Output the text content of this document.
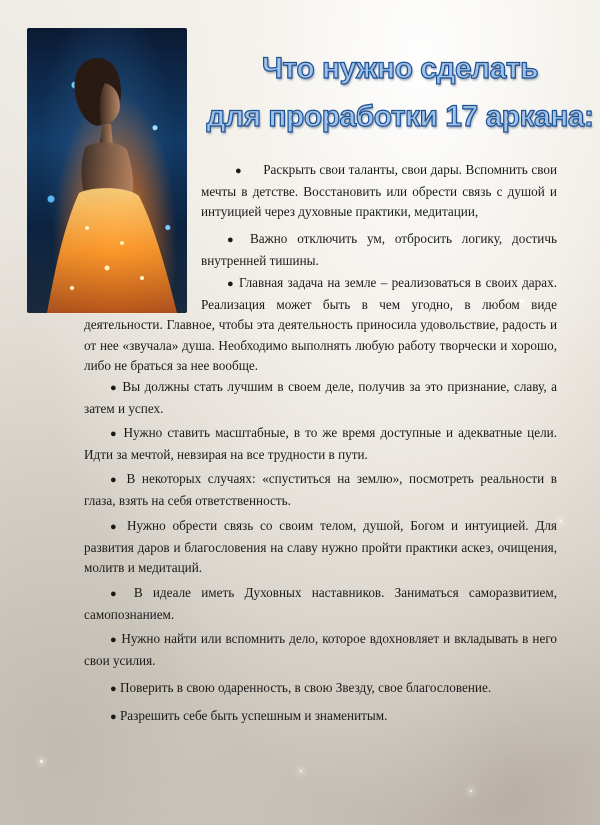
Что нужно сделать
для проработки 17 аркана:

● Раскрыть свои таланты, свои дары. Вспомнить свои мечты в детстве. Восстановить или обрести связь с душой и интуицией через духовные практики, медитации,

● Важно отключить ум, отбросить логику, достичь внутренней тишины.

● Главная задача на земле – реализоваться в своих дарах. Реализация может быть в чем угодно, в любом виде деятельности. Главное, чтобы эта деятельность приносила удовольствие, радость и от нее «звучала» душа. Необходимо выполнять любую работу творчески и хорошо, либо не браться за нее вообще.

● Вы должны стать лучшим в своем деле, получив за это признание, славу, а затем и успех.

● Нужно ставить масштабные, в то же время доступные и адекватные цели. Идти за мечтой, невзирая на все трудности в пути.

● В некоторых случаях: «спуститься на землю», посмотреть реальности в глаза, взять на себя ответственность.

● Нужно обрести связь со своим телом, душой, Богом и интуицией. Для развития даров и благословения на славу нужно пройти практики аскез, очищения, молитв и медитаций.

● В идеале иметь Духовных наставников. Заниматься саморазвитием, самопознанием.

● Нужно найти или вспомнить дело, которое вдохновляет и вкладывать в него свои усилия.

● Поверить в свою одаренность, в свою Звезду, свое благословение.

● Разрешить себе быть успешным и знаменитым.
